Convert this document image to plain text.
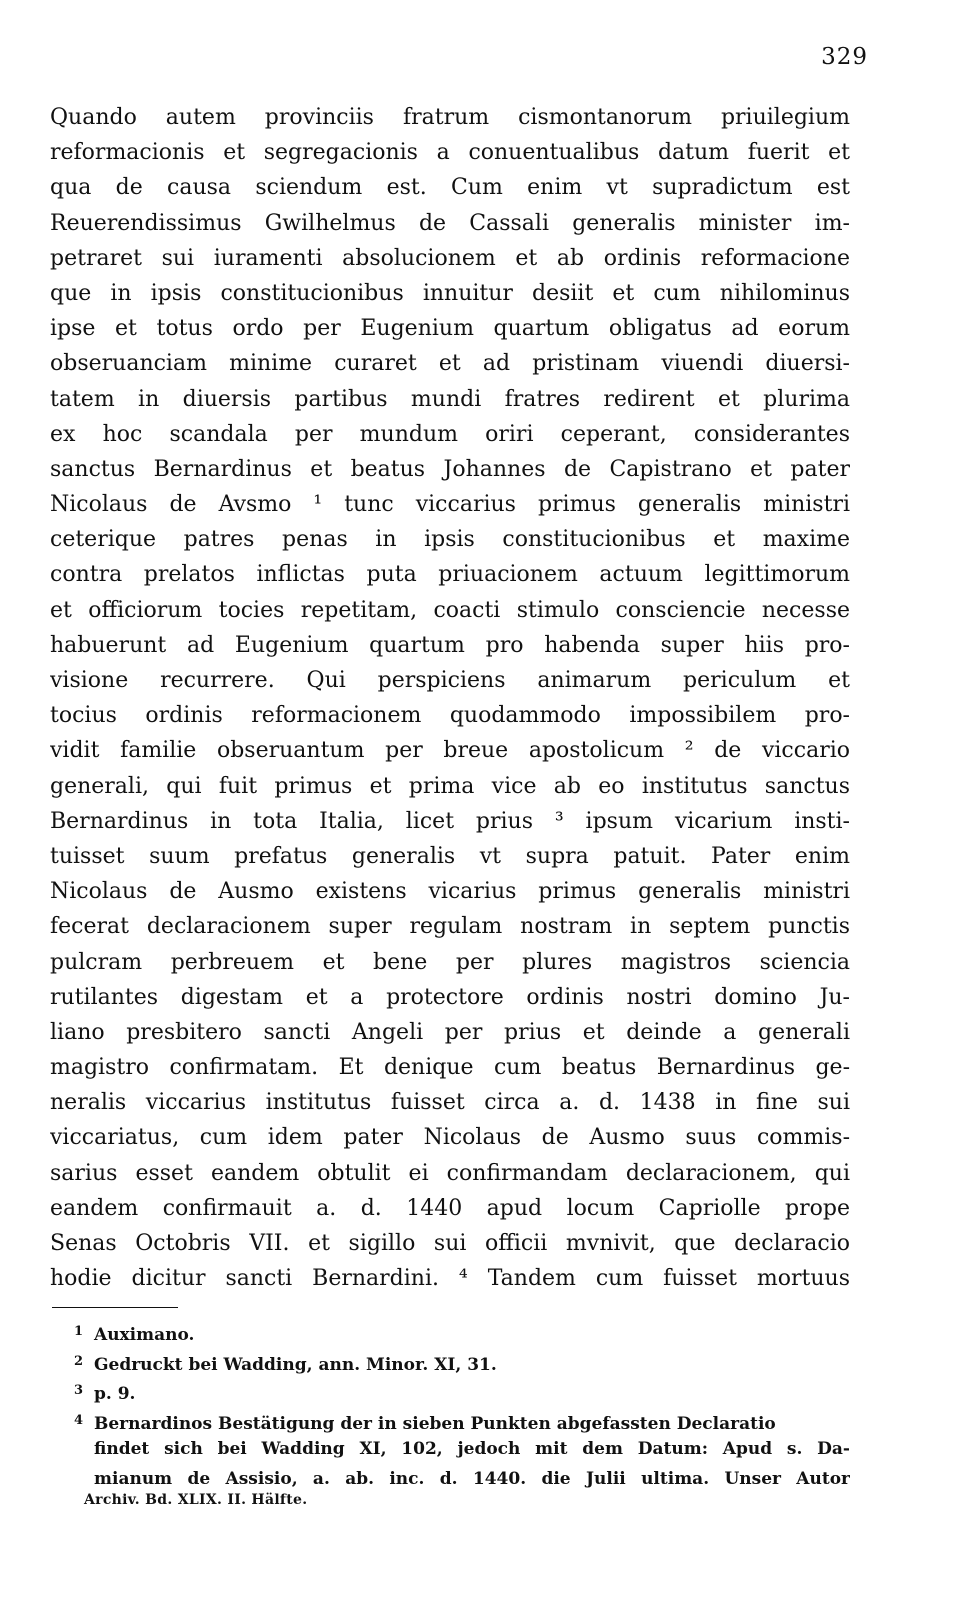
329
Quando autem provinciis fratrum cismontanorum priuilegium
reformacionis et segregacionis a conuentualibus datum fuerit et
qua de causa sciendum est. Cum enim vt supradictum est
Reuerendissimus Gwilhelmus de Cassali generalis minister im-
petraret sui iuramenti absolucionem et ab ordinis reformacione
que in ipsis constitucionibus innuitur desiit et cum nihilominus
ipse et totus ordo per Eugenium quartum obligatus ad eorum
obseruanciam minime curaret et ad pristinam viuendi diuersi-
tatem in diuersis partibus mundi fratres redirent et plurima
ex hoc scandala per mundum oriri ceperant, considerantes
sanctus Bernardinus et beatus Johannes de Capistrano et pater
Nicolaus de Avsmo ¹ tunc viccarius primus generalis ministri
ceterique patres penas in ipsis constitucionibus et maxime
contra prelatos inflictas puta priuacionem actuum legittimorum
et officiorum tocies repetitam, coacti stimulo consciencie necesse
habuerunt ad Eugenium quartum pro habenda super hiis pro-
visione recurrere. Qui perspiciens animarum periculum et
tocius ordinis reformacionem quodammodo impossibilem pro-
vidit familie obseruantum per breue apostolicum ² de viccario
generali, qui fuit primus et prima vice ab eo institutus sanctus
Bernardinus in tota Italia, licet prius ³ ipsum vicarium insti-
tuisset suum prefatus generalis vt supra patuit. Pater enim
Nicolaus de Ausmo existens vicarius primus generalis ministri
fecerat declaracionem super regulam nostram in septem punctis
pulcram perbreuem et bene per plures magistros sciencia
rutilantes digestam et a protectore ordinis nostri domino Ju-
liano presbitero sancti Angeli per prius et deinde a generali
magistro confirmatam. Et denique cum beatus Bernardinus ge-
neralis viccarius institutus fuisset circa a. d. 1438 in fine sui
viccariatus, cum idem pater Nicolaus de Ausmo suus commis-
sarius esset eandem obtulit ei confirmandam declaracionem, qui
eandem confirmauit a. d. 1440 apud locum Capriolle prope
Senas Octobris VII. et sigillo sui officii mvnivit, que declaracio
hodie dicitur sancti Bernardini. ⁴ Tandem cum fuisset mortuus
1 Auximano.
2 Gedruckt bei Wadding, ann. Minor. XI, 31.
3 p. 9.
4 Bernardinos Bestätigung der in sieben Punkten abgefassten Declaratio
findet sich bei Wadding XI, 102, jedoch mit dem Datum: Apud s. Da-
mianum de Assisio, a. ab. inc. d. 1440. die Julii ultima. Unser Autor
Archiv. Bd. XLIX. II. Hälfte.
